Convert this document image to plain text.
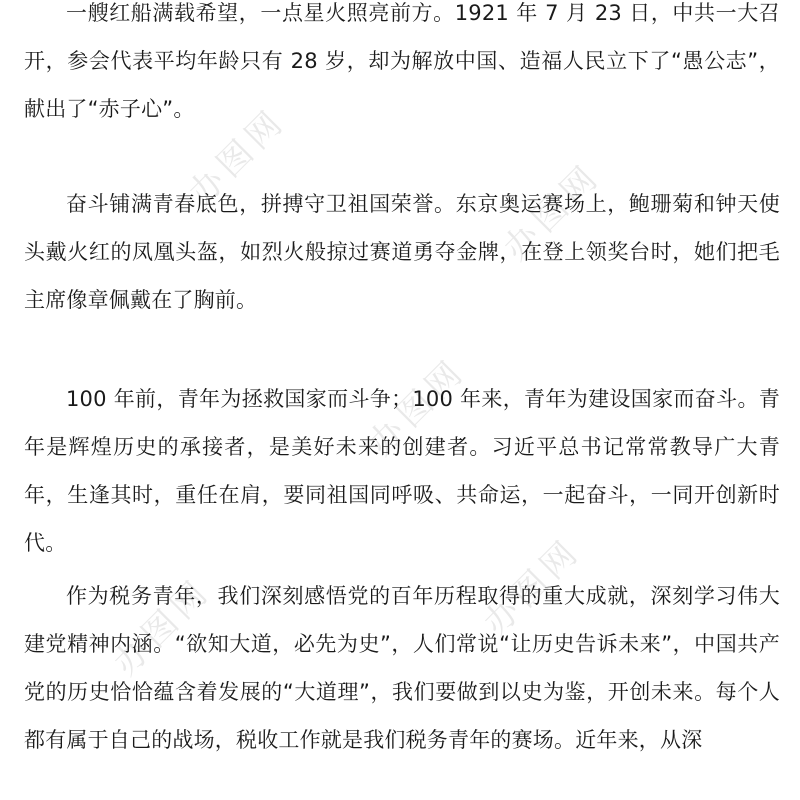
办图网	办图网
办图网
办图网
办图网

一艘红船满载希望，一点星火照亮前方。1921 年 7 月 23 日，中共一大召开，参会代表平均年龄只有 28 岁，却为解放中国、造福人民立下了“愚公志”，献出了“赤子心”。

奋斗铺满青春底色，拼搏守卫祖国荣誉。东京奥运赛场上，鲍珊菊和钟天使头戴火红的凤凰头盔，如烈火般掠过赛道勇夺金牌，在登上领奖台时，她们把毛主席像章佩戴在了胸前。

100 年前，青年为拯救国家而斗争；100 年来，青年为建设国家而奋斗。青年是辉煌历史的承接者，是美好未来的创建者。习近平总书记常常教导广大青年，生逢其时，重任在肩，要同祖国同呼吸、共命运，一起奋斗，一同开创新时代。

作为税务青年，我们深刻感悟党的百年历程取得的重大成就，深刻学习伟大建党精神内涵。“欲知大道，必先为史”，人们常说“让历史告诉未来”，中国共产党的历史恰恰蕴含着发展的“大道理”，我们要做到以史为鉴，开创未来。每个人都有属于自己的战场，税收工作就是我们税务青年的赛场。近年来，从深
